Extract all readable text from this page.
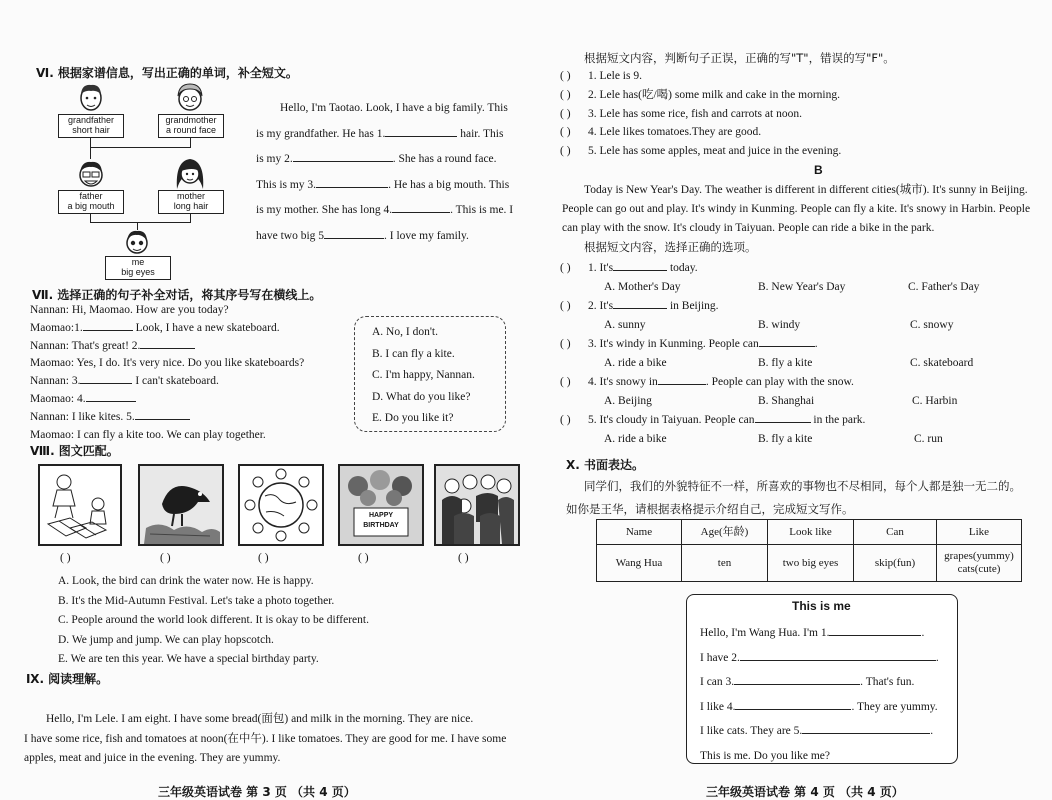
Ⅵ. 根据家谱信息，写出正确的单词，补全短文。
grandfather
short hair
grandmother
a round face
father
a big mouth
mother
long hair
me
big eyes
Hello, I'm Taotao. Look, I have a big family. This
is my grandfather. He has 1.	hair. This
is my 2.	. She has a round face.
This is my 3.	. He has a big mouth. This
is my mother. She has long 4.	. This is me. I
have two big 5	. I love my family.
Ⅶ. 选择正确的句子补全对话，将其序号写在横线上。
Nannan: Hi, Maomao. How are you today?
Maomao:1.	Look, I have a new skateboard.
Nannan: That's great! 2.
Maomao: Yes, I do. It's very nice. Do you like skateboards?
Nannan: 3.	I can't skateboard.
Maomao: 4.
Nannan: I like kites. 5.
Maomao: I can fly a kite too. We can play together.
A. No, I don't.
B. I can fly a kite.
C. I'm happy, Nannan.
D. What do you like?
E. Do you like it?
Ⅷ. 图文匹配。
HAPPY
BIRTHDAY
( )	( )	( )	( )	( )
A. Look, the bird can drink the water now. He is happy.
B. It's the Mid-Autumn Festival. Let's take a photo together.
C. People around the world look different. It is okay to be different.
D. We jump and jump. We can play hopscotch.
E. We are ten this year. We have a special birthday party.
Ⅸ. 阅读理解。
Hello, I'm Lele. I am eight. I have some bread(面包) and milk in the morning. They are nice.
I have some rice, fish and tomatoes at noon(在中午). I like tomatoes. They are good for me. I have some
apples, meat and juice in the evening. They are yummy.
三年级英语试卷 第 3 页 （共 4 页）
根据短文内容，判断句子正误，正确的写"T"，错误的写"F"。
( ) 1. Lele is 9.
( ) 2. Lele has(吃/喝) some milk and cake in the morning.
( ) 3. Lele has some rice, fish and carrots at noon.
( ) 4. Lele likes tomatoes.They are good.
( ) 5. Lele has some apples, meat and juice in the evening.
B
Today is New Year's Day. The weather is different in different cities(城市). It's sunny in Beijing.
People can go out and play. It's windy in Kunming. People can fly a kite. It's snowy in Harbin. People
can play with the snow. It's cloudy in Taiyuan. People can ride a bike in the park.
根据短文内容，选择正确的选项。
( ) 1. It's	today.
A. Mother's Day	B. New Year's Day	C. Father's Day
( ) 2. It's	in Beijing.
A. sunny	B. windy	C. snowy
( ) 3. It's windy in Kunming. People can	.
A. ride a bike	B. fly a kite	C. skateboard
( ) 4. It's snowy in	. People can play with the snow.
A. Beijing	B. Shanghai	C. Harbin
( ) 5. It's cloudy in Taiyuan. People can	in the park.
A. ride a bike	B. fly a kite	C. run
Ⅹ. 书面表达。
同学们，我们的外貌特征不一样，所喜欢的事物也不尽相同，每个人都是独一无二的。
如你是王华，请根据表格提示介绍自己，完成短文写作。
Name	Age(年龄)	Look like	Can	Like
Wang Hua	ten	two big eyes	skip(fun)	grapes(yummy)
cats(cute)
This is me
Hello, I'm Wang Hua. I'm 1.	.
I have 2.	.
I can 3.	. That's fun.
I like 4.	. They are yummy.
I like cats. They are 5.	.
This is me. Do you like me?
三年级英语试卷 第 4 页 （共 4 页）
